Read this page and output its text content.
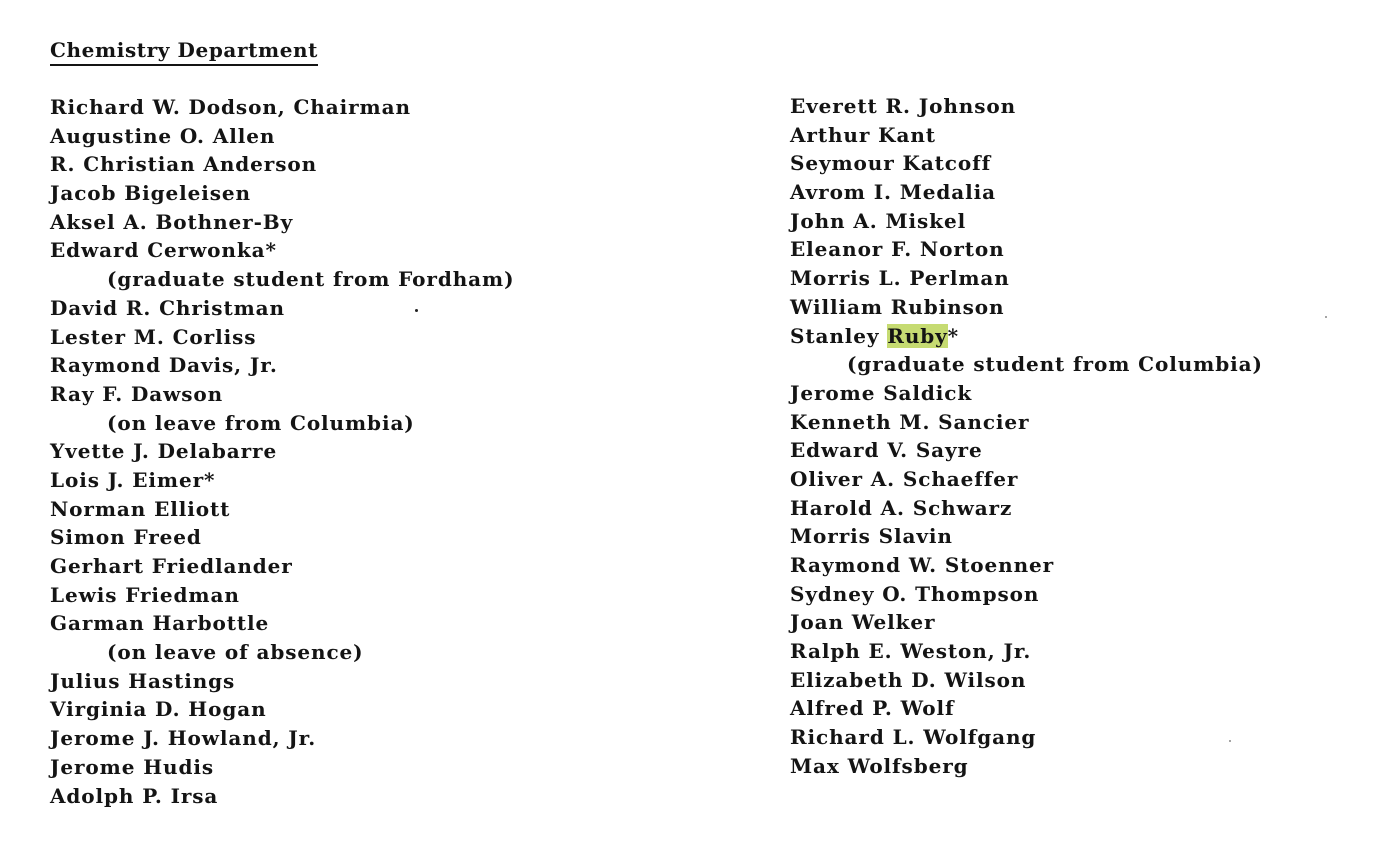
Chemistry Department
Richard W. Dodson, Chairman
Augustine O. Allen
R. Christian Anderson
Jacob Bigeleisen
Aksel A. Bothner-By
Edward Cerwonka*
(graduate student from Fordham)
David R. Christman
Lester M. Corliss
Raymond Davis, Jr.
Ray F. Dawson
(on leave from Columbia)
Yvette J. Delabarre
Lois J. Eimer*
Norman Elliott
Simon Freed
Gerhart Friedlander
Lewis Friedman
Garman Harbottle
(on leave of absence)
Julius Hastings
Virginia D. Hogan
Jerome J. Howland, Jr.
Jerome Hudis
Adolph P. Irsa
Everett R. Johnson
Arthur Kant
Seymour Katcoff
Avrom I. Medalia
John A. Miskel
Eleanor F. Norton
Morris L. Perlman
William Rubinson
Stanley Ruby*
(graduate student from Columbia)
Jerome Saldick
Kenneth M. Sancier
Edward V. Sayre
Oliver A. Schaeffer
Harold A. Schwarz
Morris Slavin
Raymond W. Stoenner
Sydney O. Thompson
Joan Welker
Ralph E. Weston, Jr.
Elizabeth D. Wilson
Alfred P. Wolf
Richard L. Wolfgang
Max Wolfsberg
